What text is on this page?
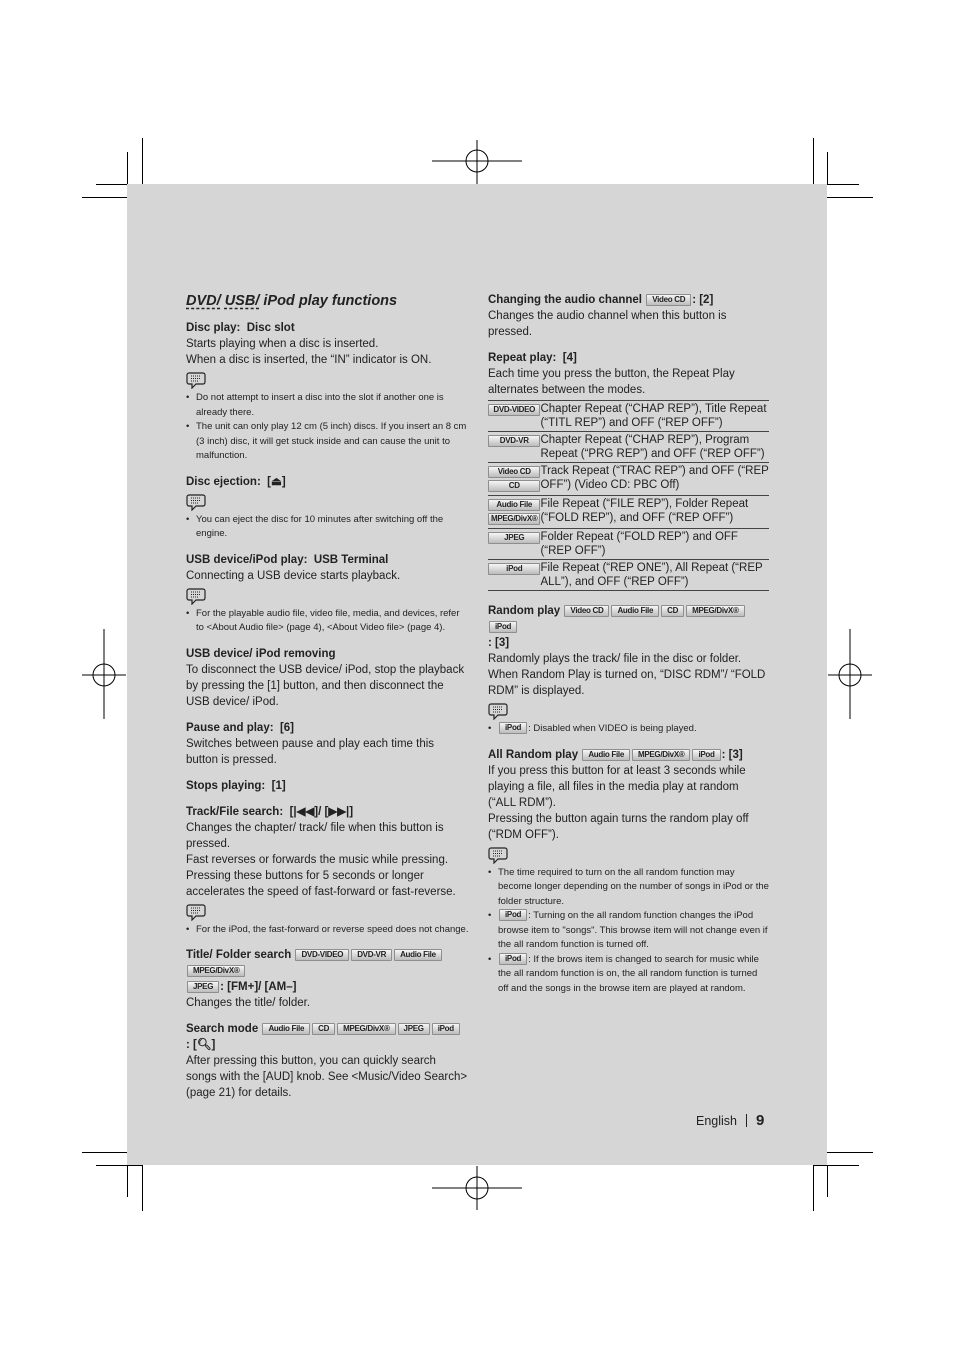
DVD/ USB/ iPod play functions
Disc play: Disc slot
Starts playing when a disc is inserted.
When a disc is inserted, the “IN” indicator is ON.

• Do not attempt to insert a disc into the slot if another one is already there.

• The unit can only play 12 cm (5 inch) discs. If you insert an 8 cm (3 inch) disc, it will get stuck inside and can cause the unit to malfunction.

Disc ejection: [⏏]

• You can eject the disc for 10 minutes after switching off the engine.

USB device/iPod play: USB Terminal
Connecting a USB device starts playback.

• For the playable audio file, video file, media, and devices, refer to <About Audio file> (page 4), <About Video file> (page 4).

USB device/ iPod removing
To disconnect the USB device/ iPod, stop the playback by pressing the [1] button, and then disconnect the USB device/ iPod.
Pause and play: [6]
Switches between pause and play each time this button is pressed.
Stops playing: [1]
Track/File search: [|◀◀]/ [▶▶|]
Changes the chapter/ track/ file when this button is pressed.
Fast reverses or forwards the music while pressing. Pressing these buttons for 5 seconds or longer accelerates the speed of fast-forward or fast-reverse.

• For the iPod, the fast-forward or reverse speed does not change.

Title/ Folder search DVD-VIDEO DVD-VR Audio FileMPEG/DivX®
JPEG : [FM+]/ [AM–]
Changes the title/ folder.
Search mode Audio File CD MPEG/DivX® JPEG iPod
: [🔍︎]
After pressing this button, you can quickly search songs with the [AUD] knob. See <Music/Video Search> (page 21) for details.
Changing the audio channel Video CD : [2]
Changes the audio channel when this button is pressed.
Repeat play: [4]
Each time you press the button, the Repeat Play alternates between the modes.
DVD-VIDEO	Chapter Repeat (“CHAP REP”), Title Repeat (“TITL REP”) and OFF (“REP OFF”)

DVD-VR	Chapter Repeat (“CHAP REP”), Program Repeat (“PRG REP”) and OFF (“REP OFF”)

Video CD
CD	Track Repeat (“TRAC REP”) and OFF (“REP OFF”) (Video CD: PBC Off)

Audio File
MPEG/DivX®	File Repeat (“FILE REP”), Folder Repeat (“FOLD REP”), and OFF (“REP OFF”)

JPEG	Folder Repeat (“FOLD REP”) and OFF (“REP OFF”)

iPod	File Repeat (“REP ONE”), All Repeat (“REP ALL”), and OFF (“REP OFF”)
Random play Video CD Audio File CD MPEG/DivX®iPod
: [3]
Randomly plays the track/ file in the disc or folder. When Random Play is turned on, “DISC RDM”/ “FOLD RDM” is displayed.

• iPod : Disabled when VIDEO is being played.

All Random play Audio File MPEG/DivX® iPod : [3]
If you press this button for at least 3 seconds while playing a file, all files in the media play at random (“ALL RDM”).
Pressing the button again turns the random play off (“RDM OFF”).

• The time required to turn on the all random function may become longer depending on the number of songs in iPod or the folder structure.

• iPod : Turning on the all random function changes the iPod browse item to "songs". This browse item will not change even if the all random function is turned off.

• iPod : If the brows item is changed to search for music while the all random function is on, the all random function is turned off and the songs in the browse item are played at random.

English 9
